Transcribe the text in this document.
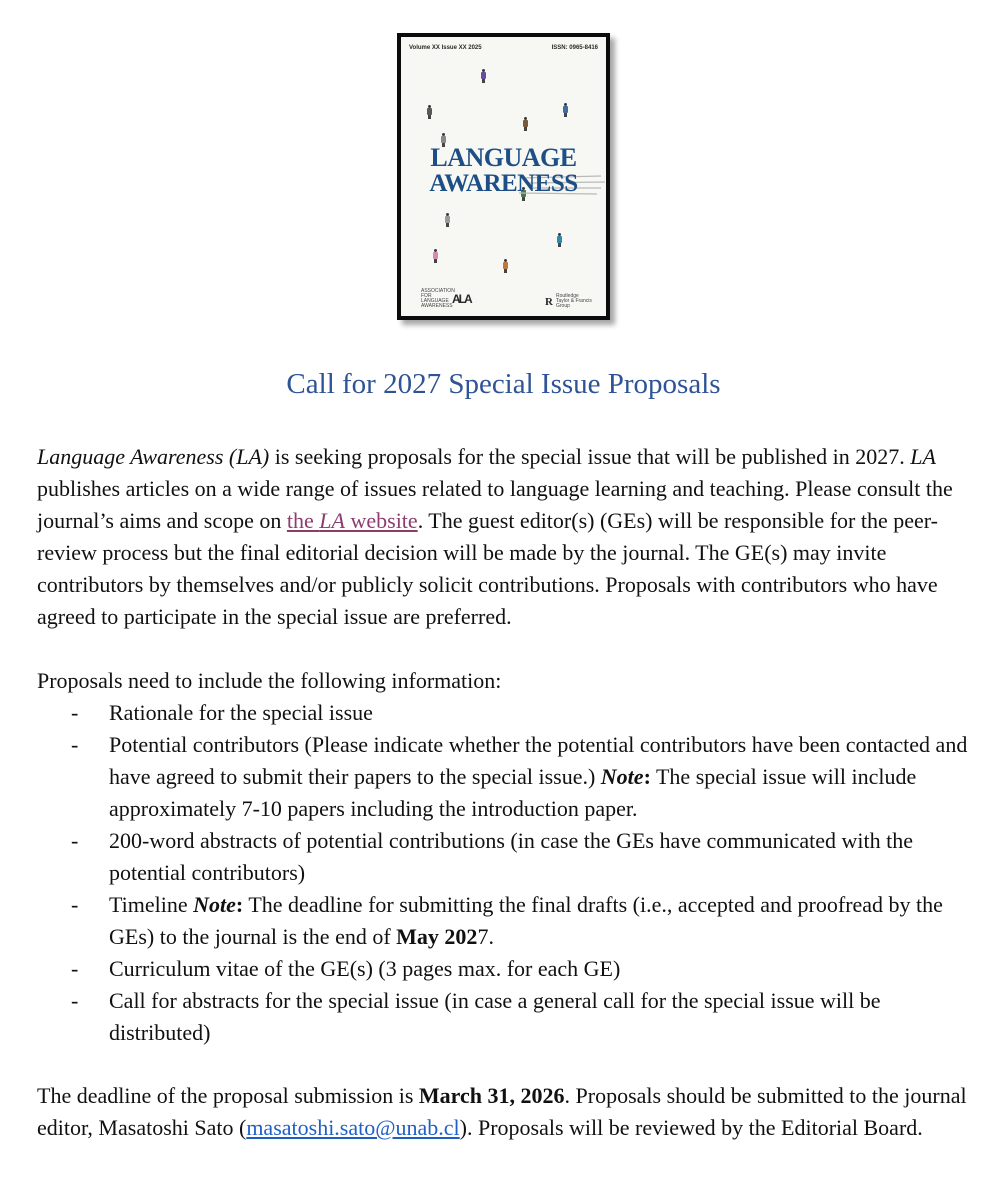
Volume XX Issue XX 2025	ISSN: 0965-8416
LANGUAGE
AWARENESS
ASSOCIATION FOR LANGUAGE AWARENESS ALA	R Routledge Taylor & Francis Group
Call for 2027 Special Issue Proposals

Language Awareness (LA) is seeking proposals for the special issue that will be published in 2027. LA publishes articles on a wide range of issues related to language learning and teaching. Please consult the journal’s aims and scope on the LA website. The guest editor(s) (GEs) will be responsible for the peer-review process but the final editorial decision will be made by the journal. The GE(s) may invite contributors by themselves and/or publicly solicit contributions. Proposals with contributors who have agreed to participate in the special issue are preferred.

Proposals need to include the following information:
- Rationale for the special issue
- Potential contributors (Please indicate whether the potential contributors have been contacted and have agreed to submit their papers to the special issue.) Note: The special issue will include approximately 7-10 papers including the introduction paper.
- 200-word abstracts of potential contributions (in case the GEs have communicated with the potential contributors)
- Timeline Note: The deadline for submitting the final drafts (i.e., accepted and proofread by the GEs) to the journal is the end of May 2027.
- Curriculum vitae of the GE(s) (3 pages max. for each GE)
- Call for abstracts for the special issue (in case a general call for the special issue will be distributed)

The deadline of the proposal submission is March 31, 2026. Proposals should be submitted to the journal editor, Masatoshi Sato (masatoshi.sato@unab.cl). Proposals will be reviewed by the Editorial Board.
